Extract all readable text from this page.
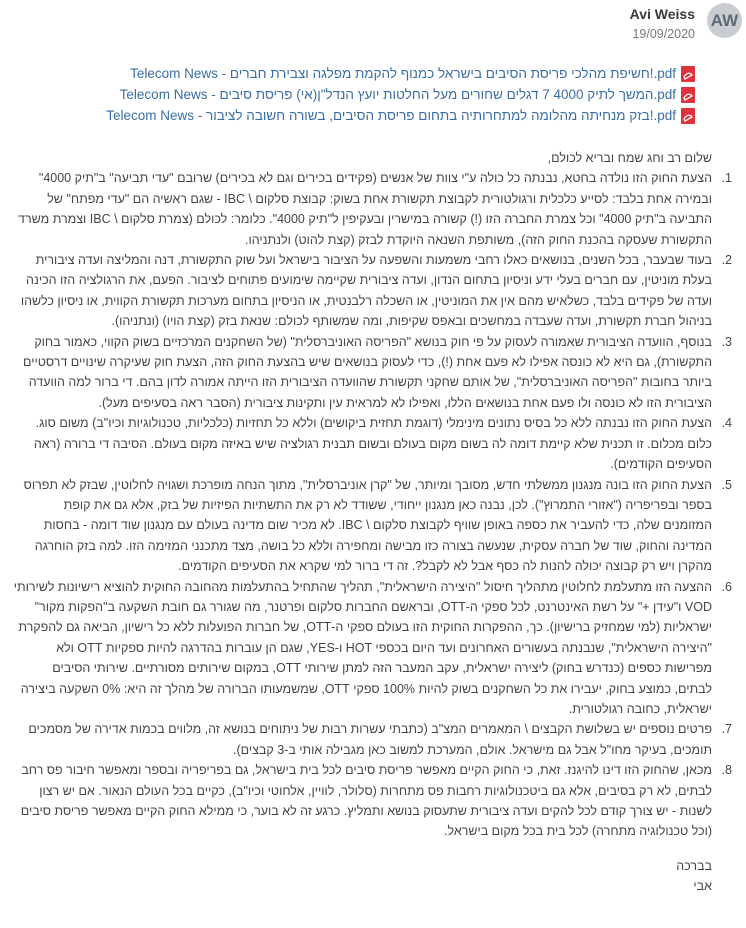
AW
Avi Weiss
19/09/2020
Telecom News - חשיפת מהלכי פריסת הסיבים בישראל כמנוף להקמת מפלגה וצבירת חברים!.pdf
Telecom News - המשך לתיק 4000 7 דגלים שחורים מעל החלטות יועץ הנדל"ן(אי) פריסת סיבים.pdf
Telecom News - בזק מנחיתה מהלומה למתחרותיה בתחום פריסת הסיבים, בשורה חשובה לציבור!.pdf
שלום רב וחג שמח ובריא לכולם,
1.
הצעת החוק הזו נולדה בחטא, נבנתה כל כולה ע"י צוות של אנשים (פקידים בכירים וגם לא בכירים) שרובם "עדי תביעה" ב"תיק 4000" ובמירה אחת בלבד: לסייע כלכלית ורגולטורית לקבוצת תקשורת אחת בשוק: קבוצת סלקום \ IBC - שגם ראשיה הם "עדי מפתח" של התביעה ב"תיק 4000" וכל צמרת החברה הזו (!) קשורה במישרין ובעקיפין ל"תיק 4000". כלומר: לכולם (צמרת סלקום \ IBC וצמרת משרד התקשורת שעסקה בהכנת החוק הזה), משותפת השנאה היוקדת לבזק (קצת להוט) ולנתניהו.
2.
בעוד שבעבר, בכל השנים, בנושאים כאלו רחבי משמעות והשפעה על הציבור בישראל ועל שוק התקשורת, דנה והמליצה ועדה ציבורית בעלת מוניטין, עם חברים בעלי ידע וניסיון בתחום הנדון, ועדה ציבורית שקיימה שימועים פתוחים לציבור. הפעם, את הרגולציה הזו הכינה ועדה של פקידים בלבד, כשלאיש מהם אין את המוניטין, או השכלה רלבנטית, או הניסיון בתחום מערכות תקשורת הקווית, או ניסיון כלשהו בניהול חברת תקשורת, ועדה שעבדה במחשכים ובאפס שקיפות, ומה שמשותף לכולם: שנאת בזק (קצת הויו) (ונתניהו).
3.
בנוסף, הוועדה הציבורית שאמורה לעסוק על פי חוק בנושא "הפריסה האוניברסלית" (של השחקנים המרכזיים בשוק הקווי, כאמור בחוק התקשורת), גם היא לא כונסה אפילו לא פעם אחת (!), כדי לעסוק בנושאים שיש בהצעת החוק הזה, הצעת חוק שעיקרה שינויים דרסטיים ביותר בחובות "הפריסה האוניברסלית", של אותם שחקני תקשורת שהוועדה הציבורית הזו הייתה אמורה לדון בהם. די ברור למה הוועדה הציבורית הזו לא כונסה ולו פעם אחת בנושאים הללו, ואפילו לא למראית עין ותקינות ציבורית (הסבר ראה בסעיפים מעל).
4.
הצעת החוק הזו נבנתה ללא כל בסיס נתונים מינימלי (דוגמת תחזית ביקושים) וללא כל תחזיות (כלכליות, טכנולוגיות וכיו"ב) משום סוג. כלום מכלום. זו תכנית שלא קיימת דומה לה בשום מקום בעולם ובשום תבנית רגולציה שיש באיזה מקום בעולם. הסיבה די ברורה (ראה הסעיפים הקודמים).
5.
הצעת החוק הזו בונה מנגנון ממשלתי חדש, מסובך ומיותר, של "קרן אוניברסלית", מתוך הנחה מופרכת ושגויה לחלוטין, שבזק לא תפרוס בספר ובפריפריה ("אזורי התמרוץ"). לכן, נבנה כאן מנגנון ייחודי, ששודד לא רק את התשתיות הפיזיות של בזק, אלא גם את קופת המזומנים שלה, כדי להעביר את כספה באופן שוויף לקבוצת סלקום \ IBC. לא מכיר שום מדינה בעולם עם מנגנון שוד דומה - בחסות המדינה והחוק, שוד של חברה עסקית, שנעשה בצורה כזו מבישה ומחפירה וללא כל בושה, מצד מתכנני המזימה הזו. למה בזק הוחרגה מהקרן ויש רק קבוצה יכולה להנות לה כסף אבל לא לקבל?. זה די ברור למי שקרא את הסעיפים הקודמים.
6.
ההצעה הזו מתעלמת לחלוטין מתהליך חיסול "היצירה הישראלית", תהליך שהתחיל בהתעלמות מהחובה החוקית להוציא רישיונות לשירותי VOD ו"עידן +" על רשת האינטרנט, לכל ספקי ה-OTT, ובראשם החברות סלקום ופרטנר, מה שגורר גם חובת השקעה ב"הפקות מקור" ישראליות (למי שמחזיק ברישיון). כך, ההפקרות החוקית הזו בעולם ספקי ה-OTT, של חברות הפועלות ללא כל רישיון, הביאה גם להפקרת "היצירה הישראלית", שנבנתה בעשורים האחרונים ועד היום בכספי HOT ו-YES, שגם הן עוברות בהדרגה להיות ספקיות OTT ולא מפרישות כספים (כנדרש בחוק) ליצירה ישראלית, עקב המעבר הזה למתן שירותי OTT, במקום שירותים מסורתיים. שירותי הסיבים לבתים, כמוצע בחוק, יעבירו את כל השחקנים בשוק להיות 100% ספקי OTT, שמשמעותו הברורה של מהלך זה היא: 0% השקעה ביצירה ישראלית, כחובה רגולטורית.
7.
פרטים נוספים יש בשלושת הקבצים \ המאמרים המצ"ב (כתבתי עשרות רבות של ניתוחים בנושא זה, מלווים בכמות אדירה של מסמכים תומכים, בעיקר מחו"ל אבל גם מישראל. אולם, המערכת למשוב כאן מגבילה אותי ב-3 קבצים).
8.
מכאן, שהחוק הזו דינו להיגנז. זאת, כי החוק הקיים מאפשר פריסת סיבים לכל בית בישראל, גם בפריפריה ובספר ומאפשר חיבור פס רחב לבתים, לא רק בסיבים, אלא גם ביטכנולוגיות רחבות פס מתחרות (סלולר, לוויין, אלחוטי וכיו"ב), כקיים בכל העולם הנאור. אם יש רצון לשנות - יש צורך קודם לכל להקים ועדה ציבורית שתעסוק בנושא ותמליץ. כרגע זה לא בוער, כי ממילא החוק הקיים מאפשר פריסת סיבים (וכל טכנולוגיה מתחרה) לכל בית בכל מקום בישראל.
בברכה
אבי
